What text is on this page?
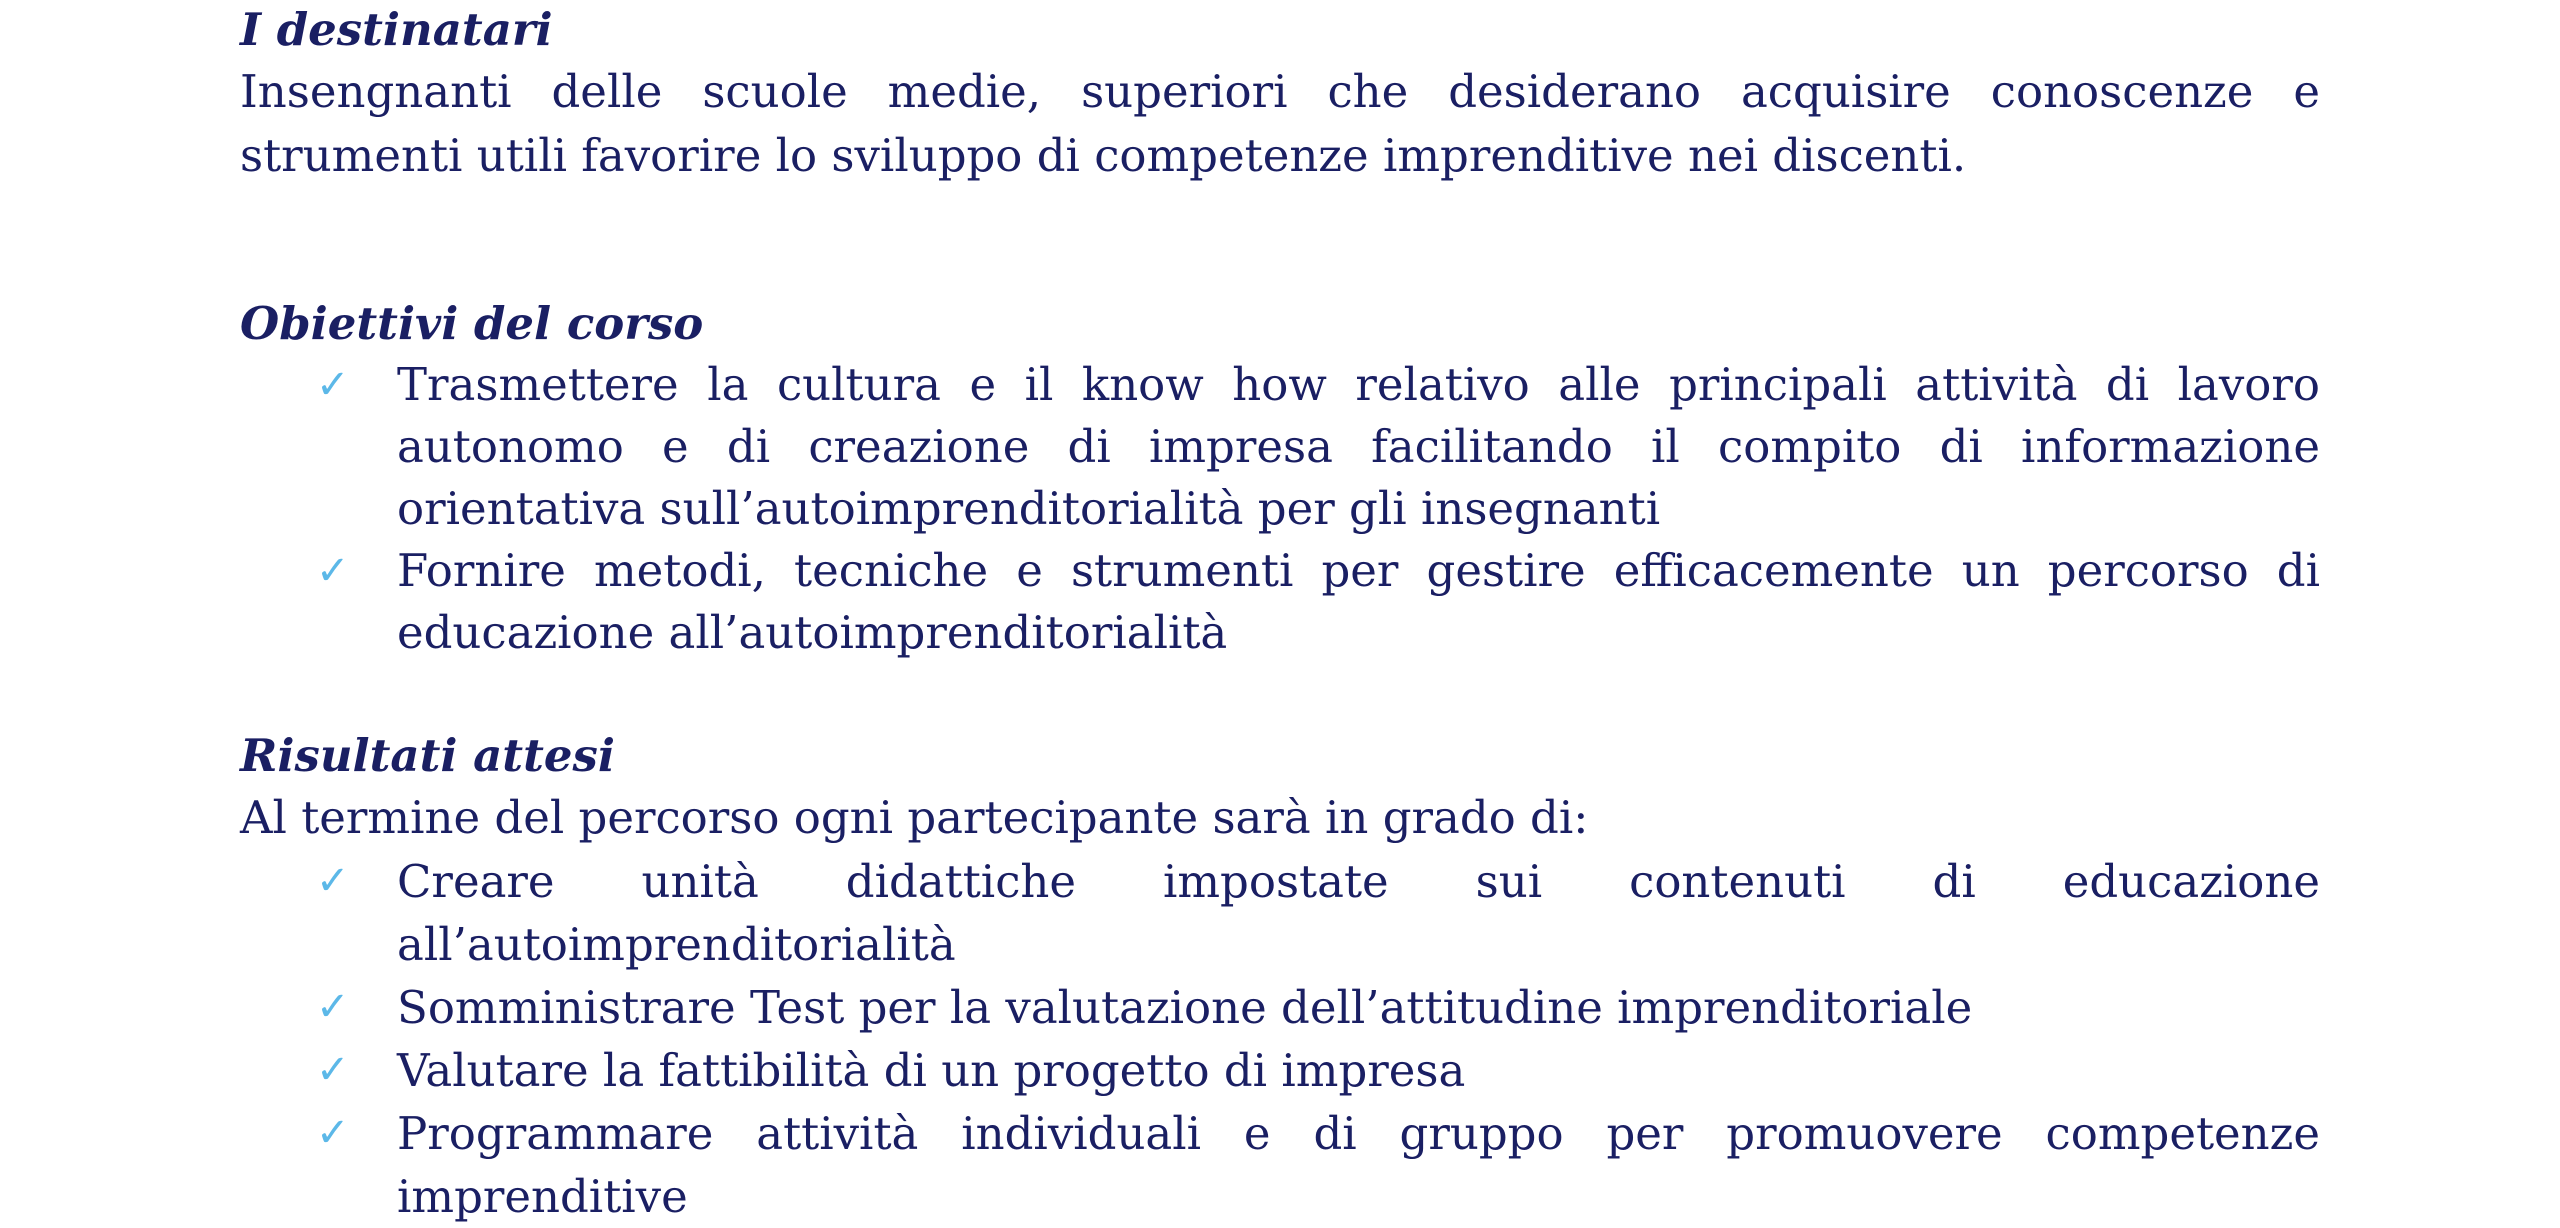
I destinatari

Insengnanti delle scuole medie, superiori che desiderano acquisire conoscenze e strumenti utili favorire lo sviluppo di competenze imprenditive nei discenti.

Obiettivi del corso
✓ Trasmettere la cultura e il know how relativo alle principali attività di lavoro autonomo e di creazione di impresa facilitando il compito di informazione orientativa sull’autoimprenditorialità per gli insegnanti
✓ Fornire metodi, tecniche e strumenti per gestire efficacemente un percorso di educazione all’autoimprenditorialità
Risultati attesi

Al termine del percorso ogni partecipante sarà in grado di:

✓ Creare unità didattiche impostate sui contenuti di educazione all’autoimprenditorialità
✓ Somministrare Test per la valutazione dell’attitudine imprenditoriale
✓ Valutare la fattibilità di un progetto di impresa
✓ Programmare attività individuali e di gruppo per promuovere competenze imprenditive
